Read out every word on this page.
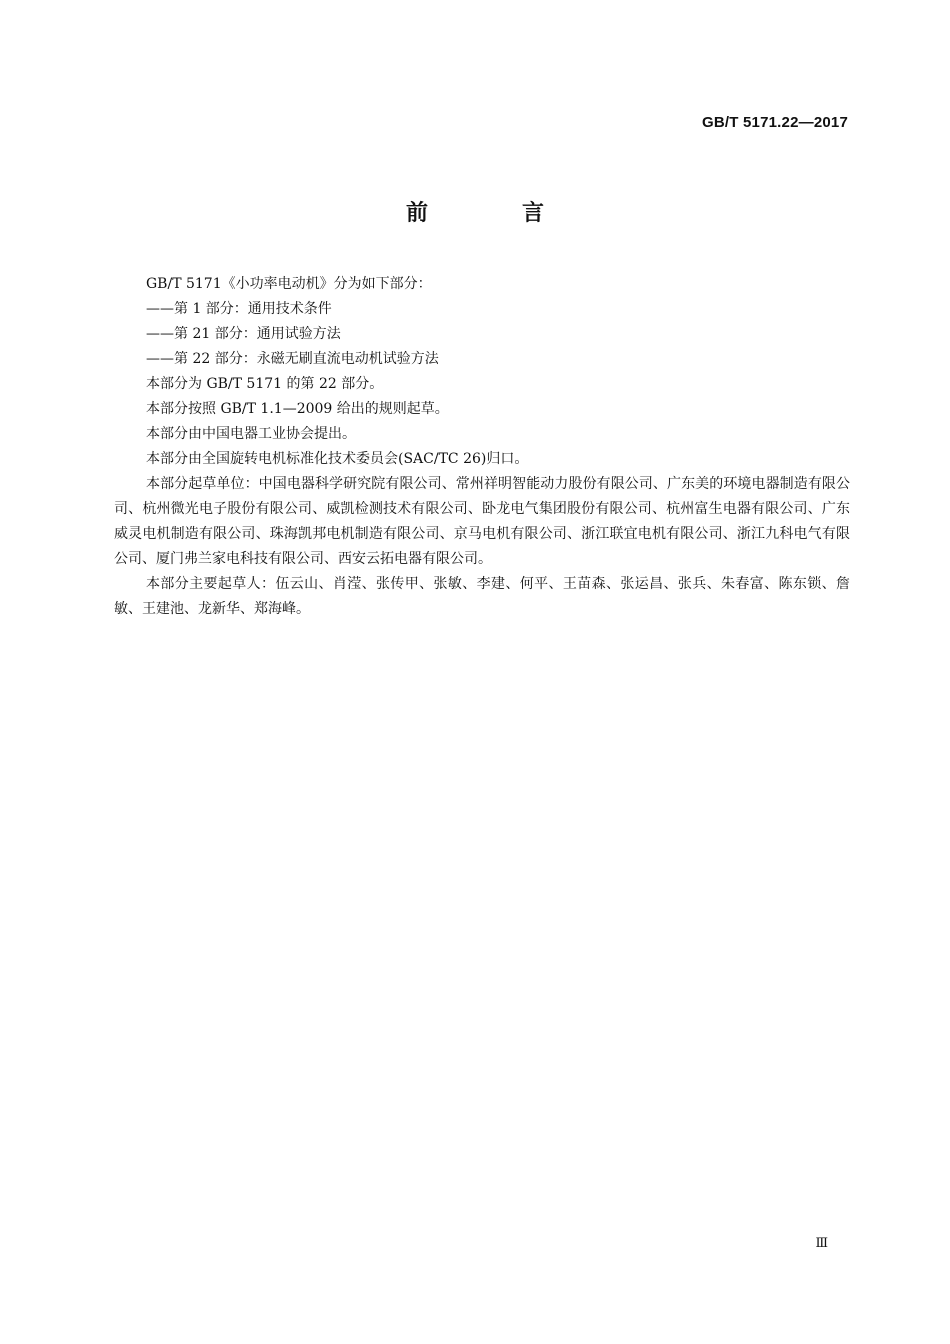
GB/T 5171.22—2017
前　言

GB/T 5171《小功率电动机》分为如下部分：

——第 1 部分：通用技术条件

——第 21 部分：通用试验方法

——第 22 部分：永磁无刷直流电动机试验方法

本部分为 GB/T 5171 的第 22 部分。

本部分按照 GB/T 1.1—2009 给出的规则起草。

本部分由中国电器工业协会提出。

本部分由全国旋转电机标准化技术委员会(SAC/TC 26)归口。

本部分起草单位：中国电器科学研究院有限公司、常州祥明智能动力股份有限公司、广东美的环境电器制造有限公司、杭州微光电子股份有限公司、威凯检测技术有限公司、卧龙电气集团股份有限公司、杭州富生电器有限公司、广东威灵电机制造有限公司、珠海凯邦电机制造有限公司、京马电机有限公司、浙江联宜电机有限公司、浙江九科电气有限公司、厦门弗兰家电科技有限公司、西安云拓电器有限公司。

本部分主要起草人：伍云山、肖滢、张传甲、张敏、李建、何平、王苗森、张运昌、张兵、朱春富、陈东锁、詹敏、王建池、龙新华、郑海峰。

Ⅲ
